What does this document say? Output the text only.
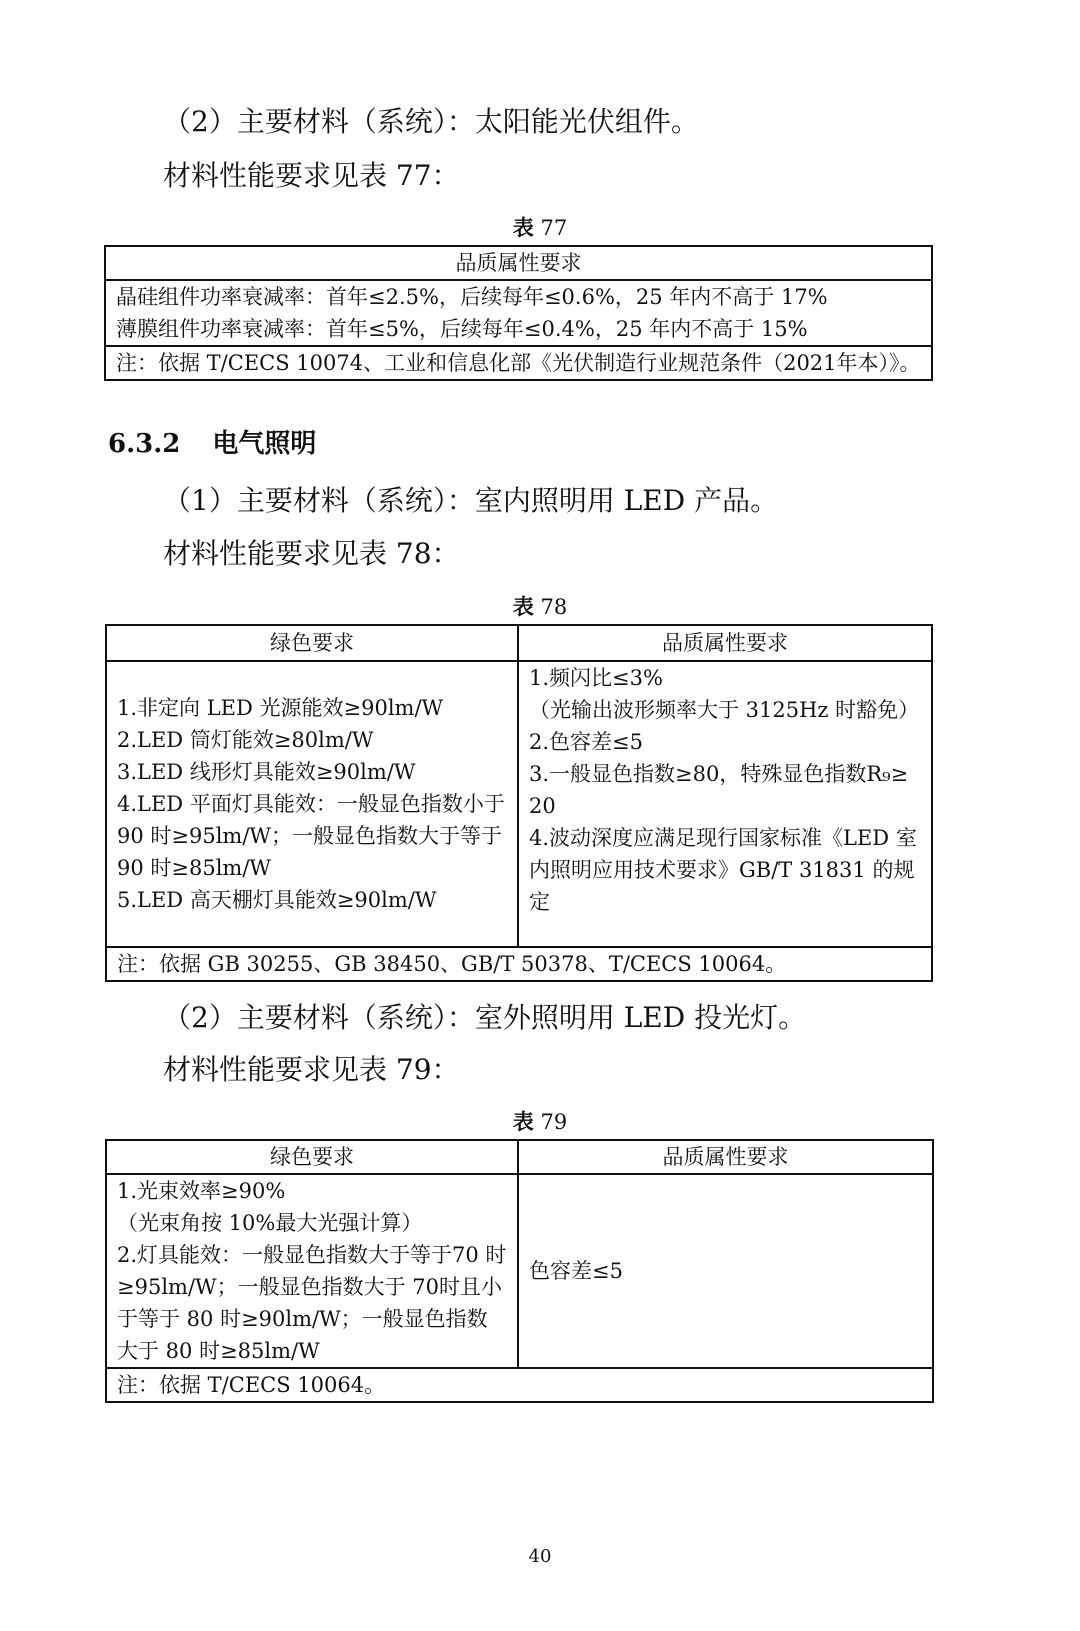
（2）主要材料（系统）：太阳能光伏组件。
材料性能要求见表 77：
表 77
品质属性要求

晶硅组件功率衰减率：首年≤2.5%，后续每年≤0.6%，25 年内不高于 17%
薄膜组件功率衰减率：首年≤5%，后续每年≤0.4%，25 年内不高于 15%

注：依据 T/CECS 10074、工业和信息化部《光伏制造行业规范条件（2021年本）》。
6.3.2 电气照明
（1）主要材料（系统）：室内照明用 LED 产品。
材料性能要求见表 78：
表 78
绿色要求	品质属性要求

1.非定向 LED 光源能效≥90lm/W
2.LED 筒灯能效≥80lm/W
3.LED 线形灯具能效≥90lm/W
4.LED 平面灯具能效：一般显色指数小于 90 时≥95lm/W；一般显色指数大于等于 90 时≥85lm/W
5.LED 高天棚灯具能效≥90lm/W	1.频闪比≤3%
（光输出波形频率大于 3125Hz 时豁免）
2.色容差≤5
3.一般显色指数≥80，特殊显色指数R₉≥20
4.波动深度应满足现行国家标准《LED 室内照明应用技术要求》GB/T 31831 的规定

注：依据 GB 30255、GB 38450、GB/T 50378、T/CECS 10064。	
（2）主要材料（系统）：室外照明用 LED 投光灯。
材料性能要求见表 79：
表 79
绿色要求	品质属性要求

1.光束效率≥90%
（光束角按 10%最大光强计算）
2.灯具能效：一般显色指数大于等于70 时≥95lm/W；一般显色指数大于 70时且小于等于 80 时≥90lm/W；一般显色指数大于 80 时≥85lm/W	色容差≤5
注：依据 T/CECS 10064。	
40
